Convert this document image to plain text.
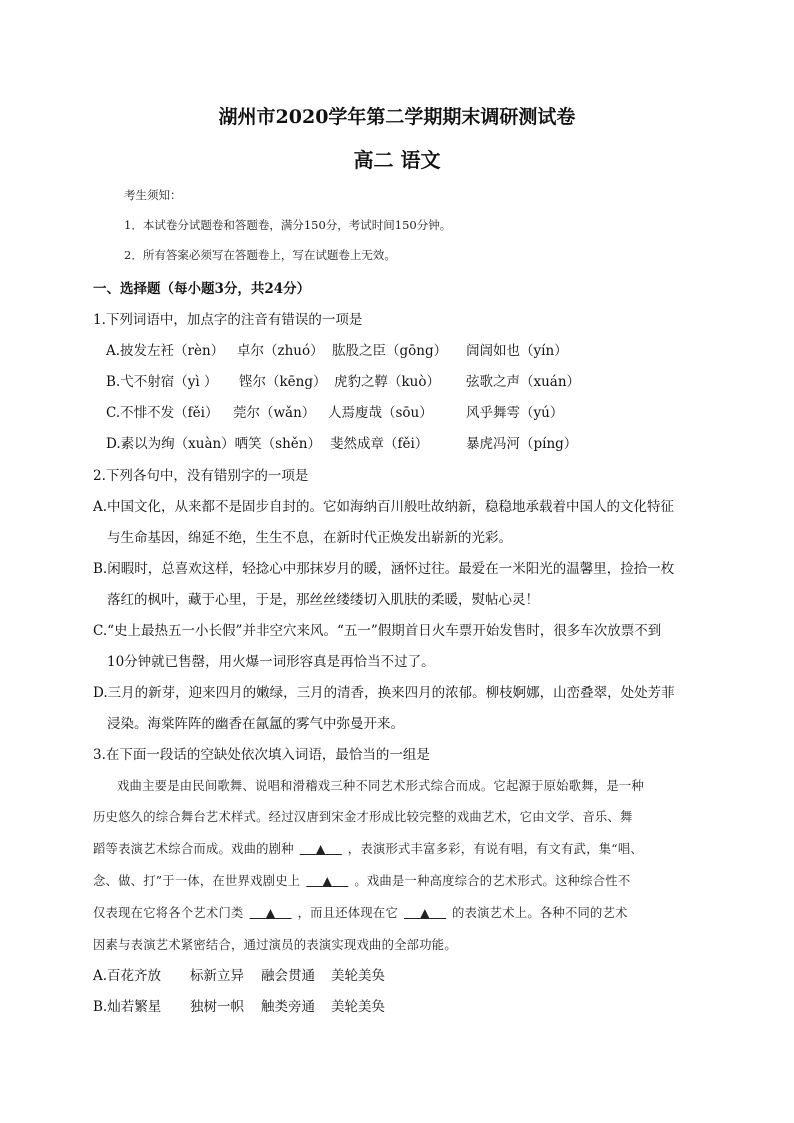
湖州市2020学年第二学期期末调研测试卷
高二 语文
考生须知：
1．本试卷分试题卷和答题卷，满分150分，考试时间150分钟。
2．所有答案必须写在答题卷上，写在试题卷上无效。
一、选择题（每小题3分，共24分）
1.下列词语中，加点字的注音有错误的一项是
A.披发左衽（rèn） 卓尔（zhuó） 肱股之臣（gōng） 訚訚如也（yín）
B.弋不射宿（yì ） 铿尔（kēng） 虎豹之鞟（kuò） 弦歌之声（xuán）
C.不悱不发（fěi） 莞尔（wǎn） 人焉廋哉（sōu） 风乎舞雩（yú）
D.素以为绚（xuàn）哂笑（shěn） 斐然成章（fěi）	暴虎冯河（píng）
2.下列各句中，没有错别字的一项是
A.中国文化，从来都不是固步自封的。它如海纳百川般吐故纳新，稳稳地承载着中国人的文化特征
与生命基因，绵延不绝，生生不息，在新时代正焕发出崭新的光彩。
B.闲暇时，总喜欢这样，轻捻心中那抹岁月的暖，涵怀过往。最爱在一米阳光的温馨里，捡拾一枚
落红的枫叶，藏于心里，于是，那丝丝缕缕切入肌肤的柔暖，熨帖心灵！
C.“史上最热五一小长假”并非空穴来风。“五一”假期首日火车票开始发售时，很多车次放票不到
10分钟就已售罄，用火爆一词形容真是再恰当不过了。
D.三月的新芽，迎来四月的嫩绿，三月的清香，换来四月的浓郁。柳枝婀娜，山峦叠翠，处处芳菲
浸染。海棠阵阵的幽香在氤氲的雾气中弥曼开来。
3.在下面一段话的空缺处依次填入词语，最恰当的一组是
戏曲主要是由民间歌舞、说唱和滑稽戏三种不同艺术形式综合而成。它起源于原始歌舞，是一种
历史悠久的综合舞台艺术样式。经过汉唐到宋金才形成比较完整的戏曲艺术，它由文学、音乐、舞
蹈等表演艺术综合而成。戏曲的剧种   ▲   ，表演形式丰富多彩，有说有唱，有文有武，集“唱、
念、做、打”于一体，在世界戏剧史上   ▲   。戏曲是一种高度综合的艺术形式。这种综合性不
仅表现在它将各个艺术门类   ▲   ，而且还体现在它   ▲   的表演艺术上。各种不同的艺术
因素与表演艺术紧密结合，通过演员的表演实现戏曲的全部功能。
A.百花齐放 标新立异 融会贯通 美轮美奂
B.灿若繁星 独树一帜 触类旁通 美轮美奂
